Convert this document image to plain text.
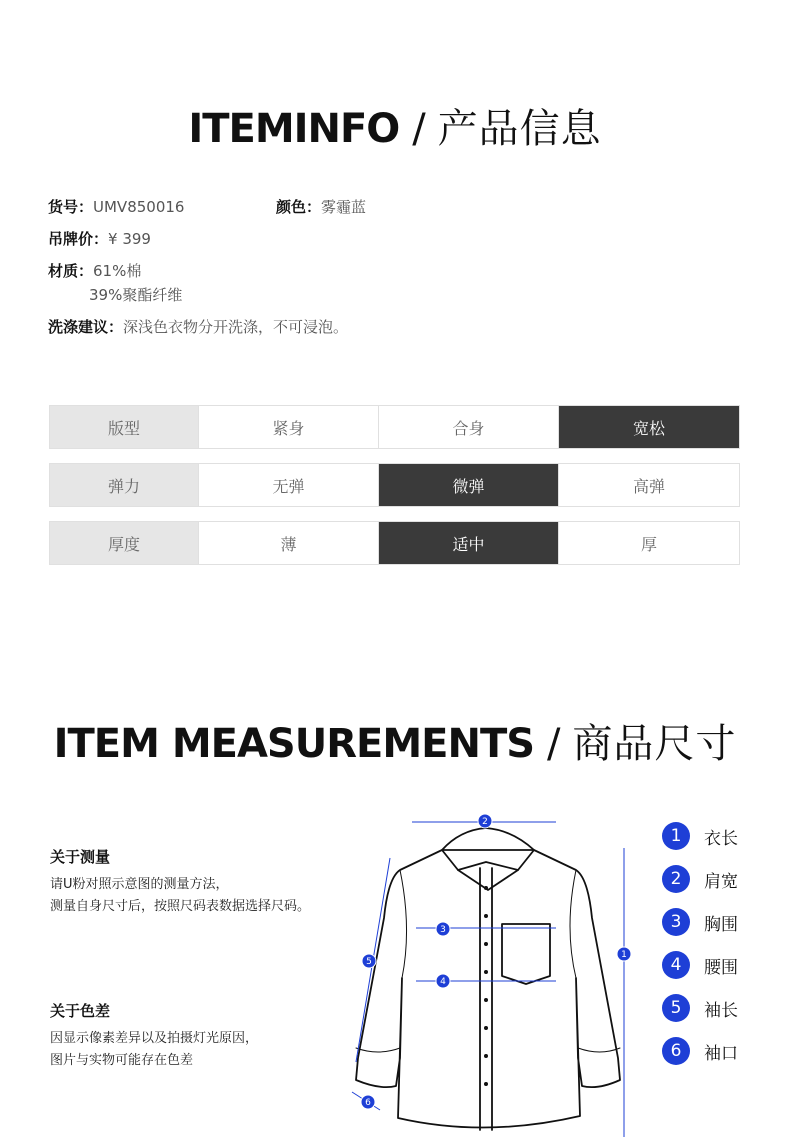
ITEMINFO / 产品信息
货号：UMV850016	颜色：雾霾蓝
吊牌价：¥ 399
材质：61%棉
39%聚酯纤维
洗涤建议：深浅色衣物分开洗涤，不可浸泡。
版型	紧身	合身	宽松
弹力	无弹	微弹	高弹
厚度	薄	适中	厚
ITEM MEASUREMENTS / 商品尺寸
关于测量
请U粉对照示意图的测量方法，
测量自身尺寸后，按照尺码表数据选择尺码。
关于色差
因显示像素差异以及拍摄灯光原因，
图片与实物可能存在色差
2
3
4
1
5
6
1	衣长
2	肩宽
3	胸围
4	腰围
5	袖长
6	袖口
